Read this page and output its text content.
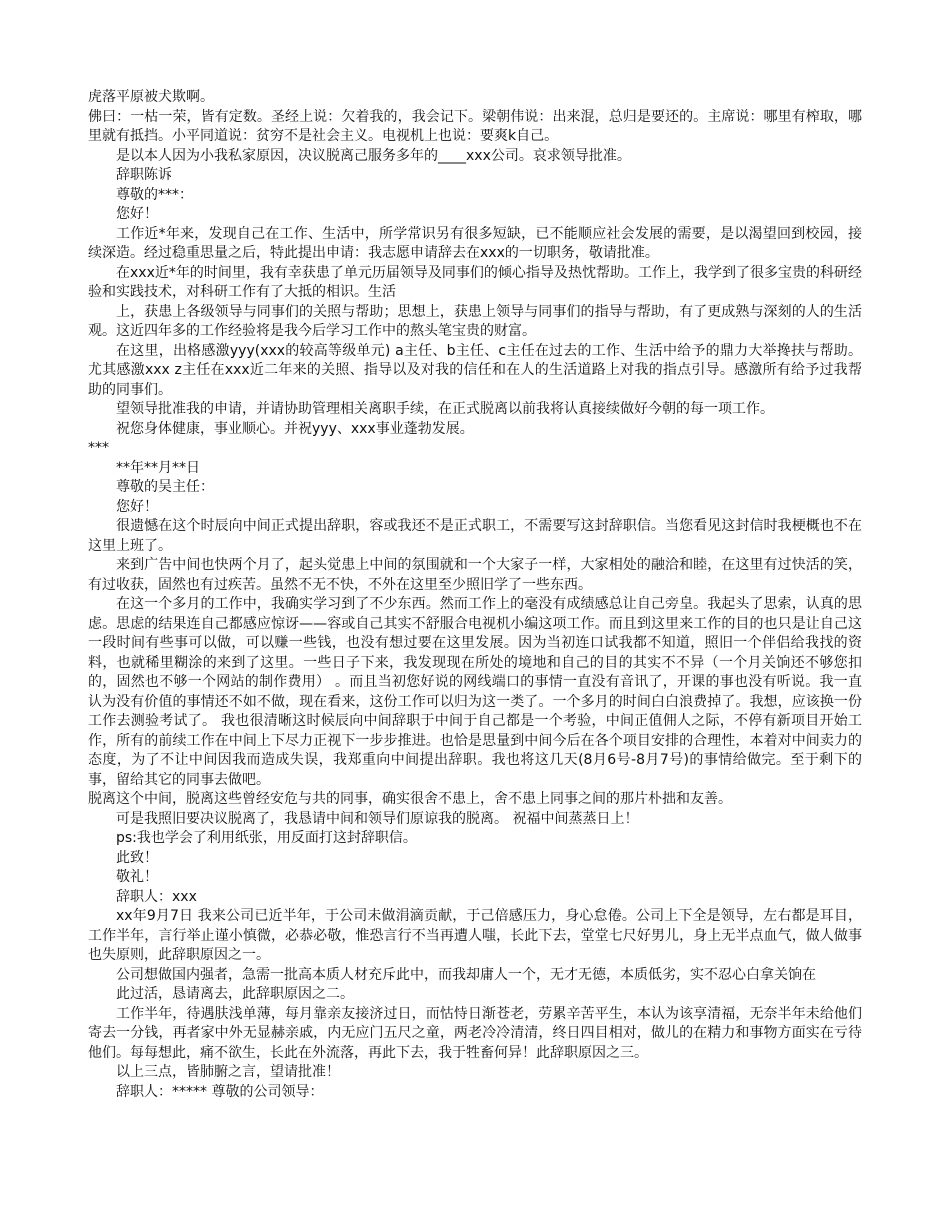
虎落平原被犬欺啊。

佛曰：一枯一荣，皆有定数。圣经上说：欠着我的，我会记下。梁朝伟说：出来混，总归是要还的。主席说：哪里有榨取，哪里就有抵挡。小平同道说：贫穷不是社会主义。电视机上也说：要爽k自己。

是以本人因为小我私家原因，决议脱离己服务多年的____xxx公司。哀求领导批准。

辞职陈诉

尊敬的***：

您好！

工作近*年来，发现自己在工作、生活中，所学常识另有很多短缺，已不能顺应社会发展的需要，是以渴望回到校园，接续深造。经过稳重思量之后，特此提出申请：我志愿申请辞去在xxx的一切职务，敬请批准。

在xxx近*年的时间里，我有幸获患了单元历届领导及同事们的倾心指导及热忱帮助。工作上，我学到了很多宝贵的科研经验和实践技术，对科研工作有了大抵的相识。生活

上，获患上各级领导与同事们的关照与帮助；思想上，获患上领导与同事们的指导与帮助，有了更成熟与深刻的人的生活观。这近四年多的工作经验将是我今后学习工作中的熬头笔宝贵的财富。

在这里，出格感激yyy(xxx的较高等级单元) a主任、b主任、c主任在过去的工作、生活中给予的鼎力大举搀扶与帮助。尤其感激xxx z主任在xxx近二年来的关照、指导以及对我的信任和在人的生活道路上对我的指点引导。感激所有给予过我帮助的同事们。

望领导批准我的申请，并请协助管理相关离职手续，在正式脱离以前我将认真接续做好今朝的每一项工作。

祝您身体健康，事业顺心。并祝yyy、xxx事业蓬勃发展。

***

**年**月**日

尊敬的吴主任：

您好！

很遗憾在这个时辰向中间正式提出辞职，容或我还不是正式职工，不需要写这封辞职信。当您看见这封信时我梗概也不在这里上班了。

来到广告中间也快两个月了，起头觉患上中间的氛围就和一个大家子一样，大家相处的融洽和睦，在这里有过快活的笑，有过收获，固然也有过疾苦。虽然不无不快，不外在这里至少照旧学了一些东西。

在这一个多月的工作中，我确实学习到了不少东西。然而工作上的毫没有成绩感总让自己旁皇。我起头了思索，认真的思虑。思虑的结果连自己都感应惊讶——容或自己其实不舒服合电视机小编这项工作。而且到这里来工作的目的也只是让自己这一段时间有些事可以做，可以赚一些钱，也没有想过要在这里发展。因为当初连口试我都不知道，照旧一个伴侣给我找的资料，也就稀里糊涂的来到了这里。一些日子下来，我发现现在所处的境地和自己的目的其实不不异（一个月关饷还不够您扣的，固然也不够一个网站的制作费用） 。而且当初您好说的网线端口的事情一直没有音讯了，开课的事也没有听说。我一直认为没有价值的事情还不如不做，现在看来，这份工作可以归为这一类了。一个多月的时间白白浪费掉了。我想，应该换一份工作去测验考试了。 我也很清晰这时候辰向中间辞职于中间于自己都是一个考验，中间正值佣人之际，不停有新项目开始工作，所有的前续工作在中间上下尽力正视下一步步推进。也恰是思量到中间今后在各个项目安排的合理性，本着对中间卖力的态度，为了不让中间因我而造成失误，我郑重向中间提出辞职。我也将这几天(8月6号-8月7号)的事情给做完。至于剩下的事，留给其它的同事去做吧。

脱离这个中间，脱离这些曾经安危与共的同事，确实很舍不患上，舍不患上同事之间的那片朴拙和友善。

可是我照旧要决议脱离了，我恳请中间和领导们原谅我的脱离。 祝福中间蒸蒸日上！

ps:我也学会了利用纸张，用反面打这封辞职信。

此致！

敬礼！

辞职人：xxx

xx年9月7日 我来公司已近半年，于公司未做涓滴贡献，于己倍感压力，身心怠倦。公司上下全是领导，左右都是耳目，工作半年，言行举止谨小慎微，必恭必敬，惟恐言行不当再遭人嗤，长此下去，堂堂七尺好男儿，身上无半点血气，做人做事也失原则，此辞职原因之一。

公司想做国内强者，急需一批高本质人材充斥此中，而我却庸人一个，无才无德，本质低劣，实不忍心白拿关饷在

此过活，恳请离去，此辞职原因之二。

工作半年，待遇肤浅单薄，每月靠亲友接济过日，而怙恃日渐苍老，劳累辛苦平生，本认为该享清福，无奈半年未给他们寄去一分钱，再者家中外无显赫亲戚，内无应门五尺之童，两老冷冷清清，终日四目相对，做儿的在精力和事物方面实在亏待他们。每每想此，痛不欲生，长此在外流落，再此下去，我于牲畜何异！此辞职原因之三。

以上三点，皆肺腑之言，望请批准！

辞职人：***** 尊敬的公司领导：
